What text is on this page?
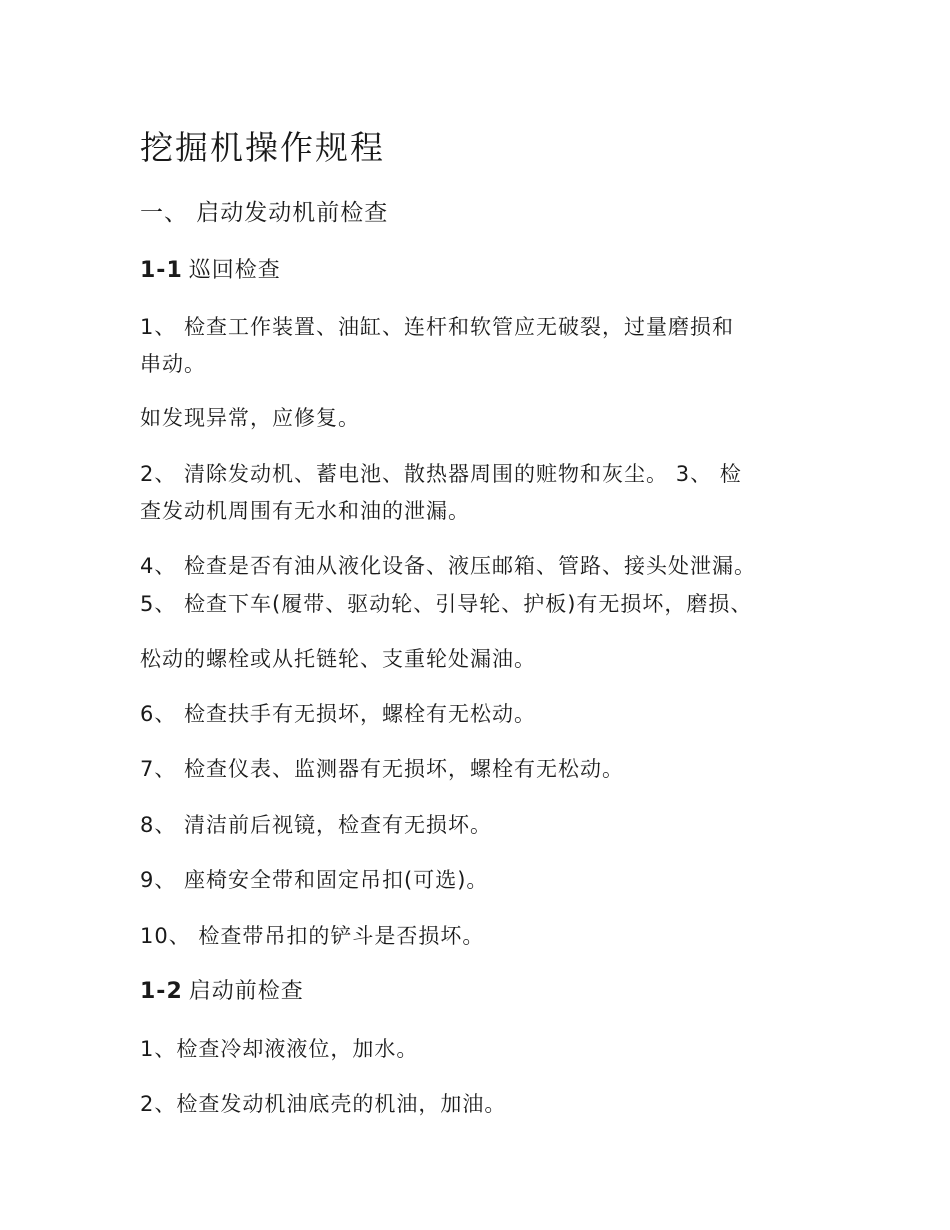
挖掘机操作规程
一、 启动发动机前检查
1-1 巡回检查
1、 检查工作装置、油缸、连杆和软管应无破裂，过量磨损和
串动。
如发现异常，应修复。
2、 清除发动机、蓄电池、散热器周围的赃物和灰尘。 3、 检
查发动机周围有无水和油的泄漏。
4、 检查是否有油从液化设备、液压邮箱、管路、接头处泄漏。
5、 检查下车(履带、驱动轮、引导轮、护板)有无损坏，磨损、
松动的螺栓或从托链轮、支重轮处漏油。
6、 检查扶手有无损坏，螺栓有无松动。
7、 检查仪表、监测器有无损坏，螺栓有无松动。
8、 清洁前后视镜，检查有无损坏。
9、 座椅安全带和固定吊扣(可选)。
10、 检查带吊扣的铲斗是否损坏。
1-2 启动前检查
1、检查冷却液液位，加水。
2、检查发动机油底壳的机油，加油。
